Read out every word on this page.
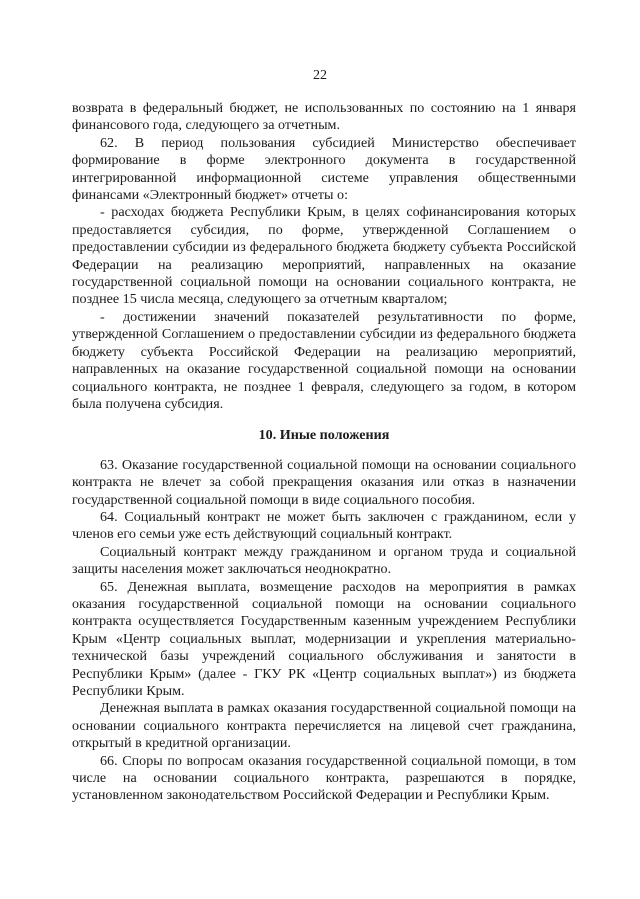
22

возврата в федеральный бюджет, не использованных по состоянию на 1 января финансового года, следующего за отчетным.

62. В период пользования субсидией Министерство обеспечивает формирование в форме электронного документа в государственной интегрированной информационной системе управления общественными финансами «Электронный бюджет» отчеты о:

- расходах бюджета Республики Крым, в целях софинансирования которых предоставляется субсидия, по форме, утвержденной Соглашением о предоставлении субсидии из федерального бюджета бюджету субъекта Российской Федерации на реализацию мероприятий, направленных на оказание государственной социальной помощи на основании социального контракта, не позднее 15 числа месяца, следующего за отчетным кварталом;

- достижении значений показателей результативности по форме, утвержденной Соглашением о предоставлении субсидии из федерального бюджета бюджету субъекта Российской Федерации на реализацию мероприятий, направленных на оказание государственной социальной помощи на основании социального контракта, не позднее 1 февраля, следующего за годом, в котором была получена субсидия.

10. Иные положения

63. Оказание государственной социальной помощи на основании социального контракта не влечет за собой прекращения оказания или отказ в назначении государственной социальной помощи в виде социального пособия.

64. Социальный контракт не может быть заключен с гражданином, если у членов его семьи уже есть действующий социальный контракт.

Социальный контракт между гражданином и органом труда и социальной защиты населения может заключаться неоднократно.

65. Денежная выплата, возмещение расходов на мероприятия в рамках оказания государственной социальной помощи на основании социального контракта осуществляется Государственным казенным учреждением Республики Крым «Центр социальных выплат, модернизации и укрепления материально-технической базы учреждений социального обслуживания и занятости в Республики Крым» (далее - ГКУ РК «Центр социальных выплат») из бюджета Республики Крым.

Денежная выплата в рамках оказания государственной социальной помощи на основании социального контракта перечисляется на лицевой счет гражданина, открытый в кредитной организации.

66. Споры по вопросам оказания государственной социальной помощи, в том числе на основании социального контракта, разрешаются в порядке, установленном законодательством Российской Федерации и Республики Крым.
